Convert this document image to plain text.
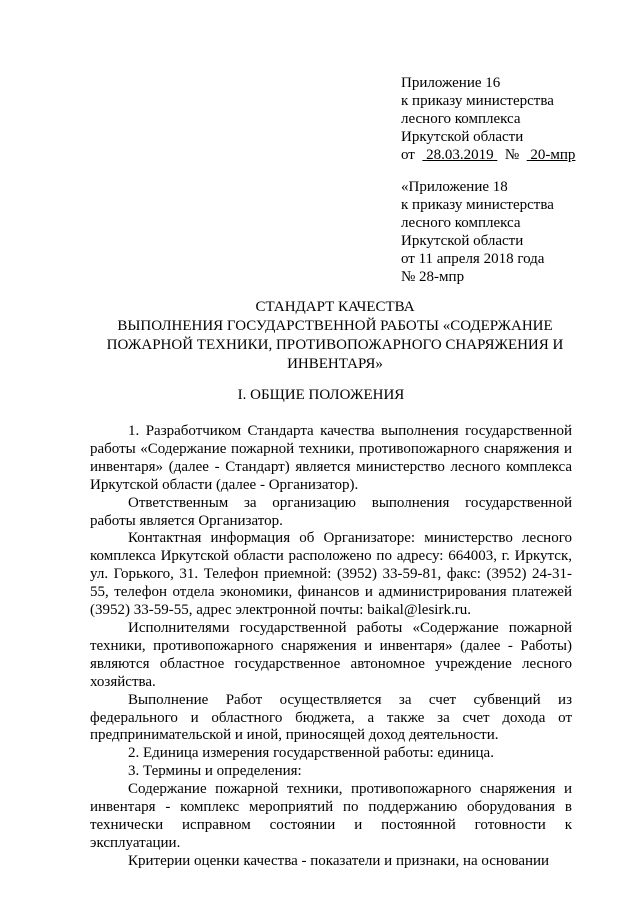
Приложение 16
к приказу министерства
лесного комплекса
Иркутской области
от 28.03.2019 № 20-мпр
«Приложение 18
к приказу министерства
лесного комплекса
Иркутской области
от 11 апреля 2018 года
№ 28-мпр
СТАНДАРТ КАЧЕСТВА
ВЫПОЛНЕНИЯ ГОСУДАРСТВЕННОЙ РАБОТЫ «СОДЕРЖАНИЕ
ПОЖАРНОЙ ТЕХНИКИ, ПРОТИВОПОЖАРНОГО СНАРЯЖЕНИЯ И
ИНВЕНТАРЯ»
I. ОБЩИЕ ПОЛОЖЕНИЯ

1. Разработчиком Стандарта качества выполнения государственной работы «Содержание пожарной техники, противопожарного снаряжения и инвентаря» (далее - Стандарт) является министерство лесного комплекса Иркутской области (далее - Организатор).

Ответственным за организацию выполнения государственной работы является Организатор.

Контактная информация об Организаторе: министерство лесного комплекса Иркутской области расположено по адресу: 664003, г. Иркутск, ул. Горького, 31. Телефон приемной: (3952) 33-59-81, факс: (3952) 24-31-55, телефон отдела экономики, финансов и администрирования платежей (3952) 33-59-55, адрес электронной почты: baikal@lesirk.ru.

Исполнителями государственной работы «Содержание пожарной техники, противопожарного снаряжения и инвентаря» (далее - Работы) являются областное государственное автономное учреждение лесного хозяйства.

Выполнение Работ осуществляется за счет субвенций из федерального и областного бюджета, а также за счет дохода от предпринимательской и иной, приносящей доход деятельности.

2. Единица измерения государственной работы: единица.

3. Термины и определения:

Содержание пожарной техники, противопожарного снаряжения и инвентаря - комплекс мероприятий по поддержанию оборудования в технически исправном состоянии и постоянной готовности к эксплуатации.

Критерии оценки качества - показатели и признаки, на основании
